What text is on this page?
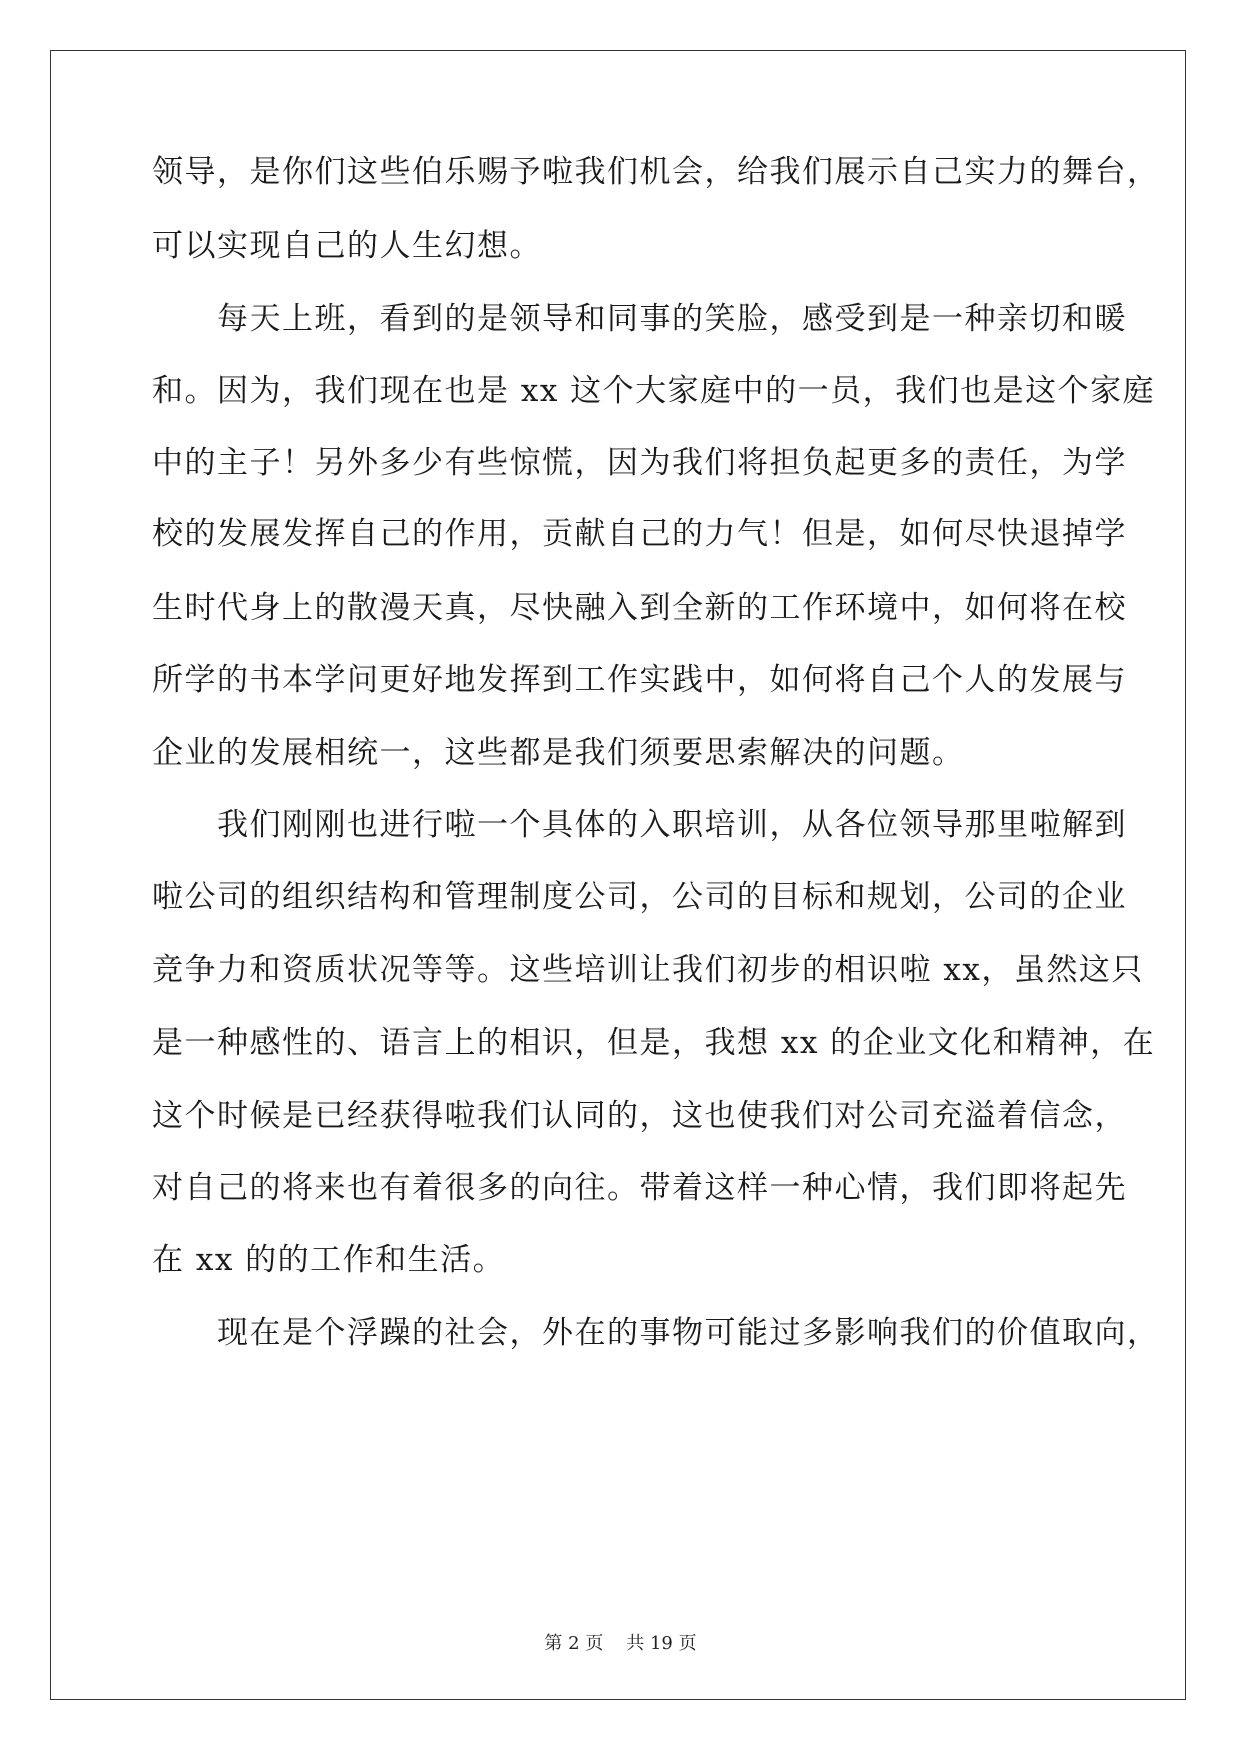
领导，是你们这些伯乐赐予啦我们机会，给我们展示自己实力的舞台，
可以实现自己的人生幻想。
　　每天上班，看到的是领导和同事的笑脸，感受到是一种亲切和暖
和。因为，我们现在也是 xx 这个大家庭中的一员，我们也是这个家庭
中的主子！另外多少有些惊慌，因为我们将担负起更多的责任，为学
校的发展发挥自己的作用，贡献自己的力气！但是，如何尽快退掉学
生时代身上的散漫天真，尽快融入到全新的工作环境中，如何将在校
所学的书本学问更好地发挥到工作实践中，如何将自己个人的发展与
企业的发展相统一，这些都是我们须要思索解决的问题。
　　我们刚刚也进行啦一个具体的入职培训，从各位领导那里啦解到
啦公司的组织结构和管理制度公司，公司的目标和规划，公司的企业
竞争力和资质状况等等。这些培训让我们初步的相识啦 xx，虽然这只
是一种感性的、语言上的相识，但是，我想 xx 的企业文化和精神，在
这个时候是已经获得啦我们认同的，这也使我们对公司充溢着信念，
对自己的将来也有着很多的向往。带着这样一种心情，我们即将起先
在 xx 的的工作和生活。
　　现在是个浮躁的社会，外在的事物可能过多影响我们的价值取向，
第 2 页 共 19 页
